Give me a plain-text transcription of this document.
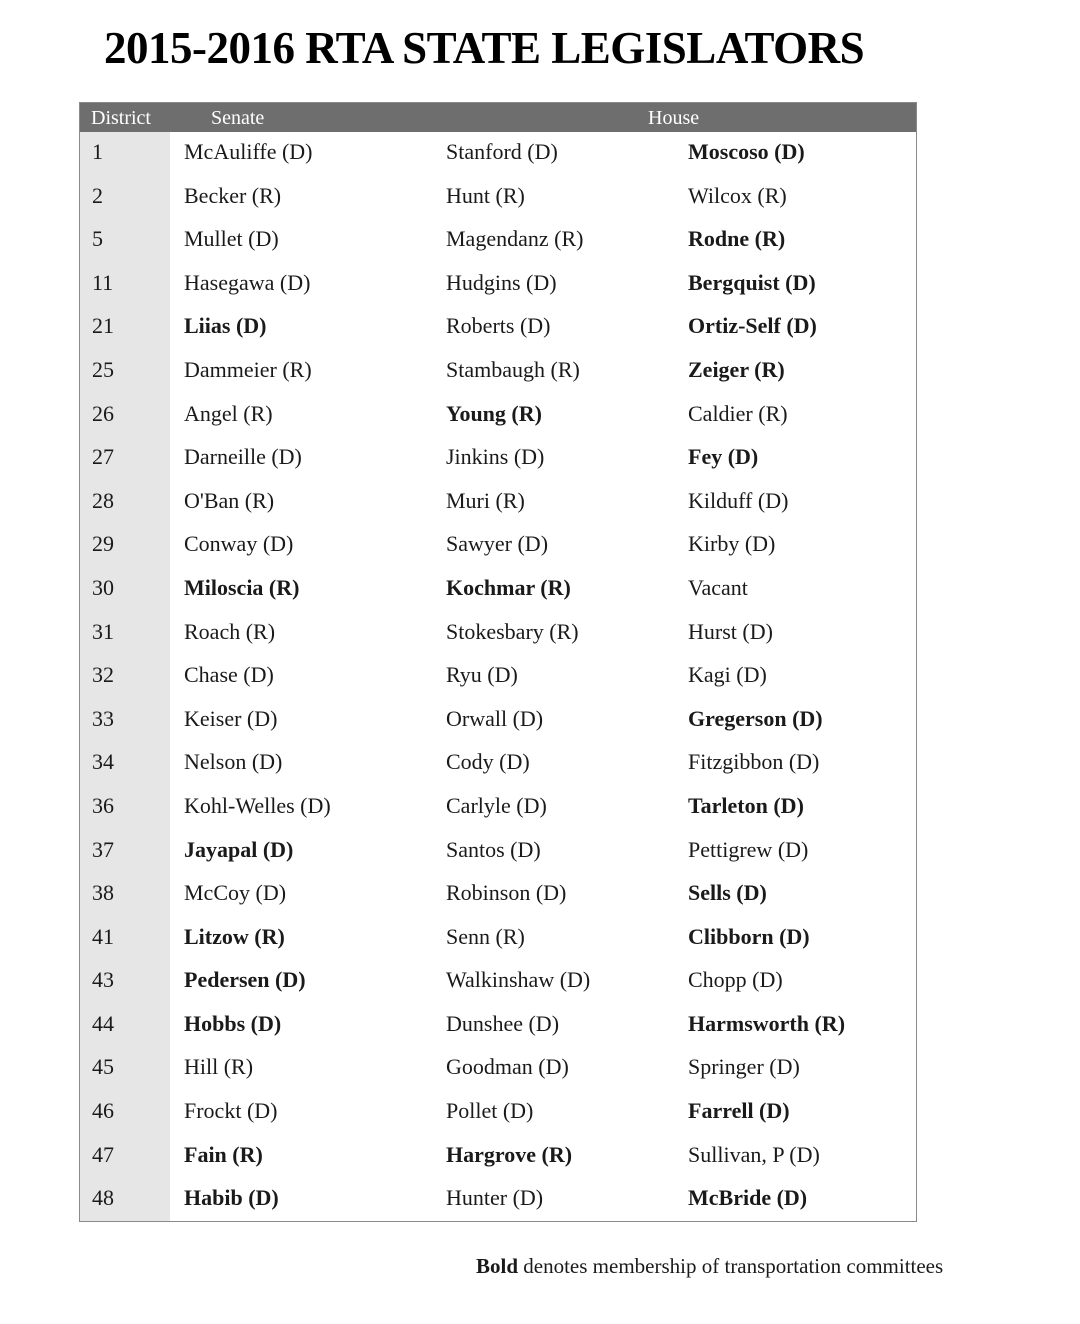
2015-2016 RTA STATE LEGISLATORS
District	Senate	House
1	McAuliffe (D)	Stanford (D)	Moscoso (D)
2	Becker (R)	Hunt (R)	Wilcox (R)
5	Mullet (D)	Magendanz (R)	Rodne (R)
11	Hasegawa (D)	Hudgins (D)	Bergquist (D)
21	Liias (D)	Roberts (D)	Ortiz-Self (D)
25	Dammeier (R)	Stambaugh (R)	Zeiger (R)
26	Angel (R)	Young (R)	Caldier (R)
27	Darneille (D)	Jinkins (D)	Fey (D)
28	O'Ban (R)	Muri (R)	Kilduff (D)
29	Conway (D)	Sawyer (D)	Kirby (D)
30	Miloscia (R)	Kochmar (R)	Vacant
31	Roach (R)	Stokesbary (R)	Hurst (D)
32	Chase (D)	Ryu (D)	Kagi (D)
33	Keiser (D)	Orwall (D)	Gregerson (D)
34	Nelson (D)	Cody (D)	Fitzgibbon (D)
36	Kohl-Welles (D)	Carlyle (D)	Tarleton (D)
37	Jayapal (D)	Santos (D)	Pettigrew (D)
38	McCoy (D)	Robinson (D)	Sells (D)
41	Litzow (R)	Senn (R)	Clibborn (D)
43	Pedersen (D)	Walkinshaw (D)	Chopp (D)
44	Hobbs (D)	Dunshee (D)	Harmsworth (R)
45	Hill (R)	Goodman (D)	Springer (D)
46	Frockt (D)	Pollet (D)	Farrell (D)
47	Fain (R)	Hargrove (R)	Sullivan, P (D)
48	Habib (D)	Hunter (D)	McBride (D)
Bold denotes membership of transportation committees
